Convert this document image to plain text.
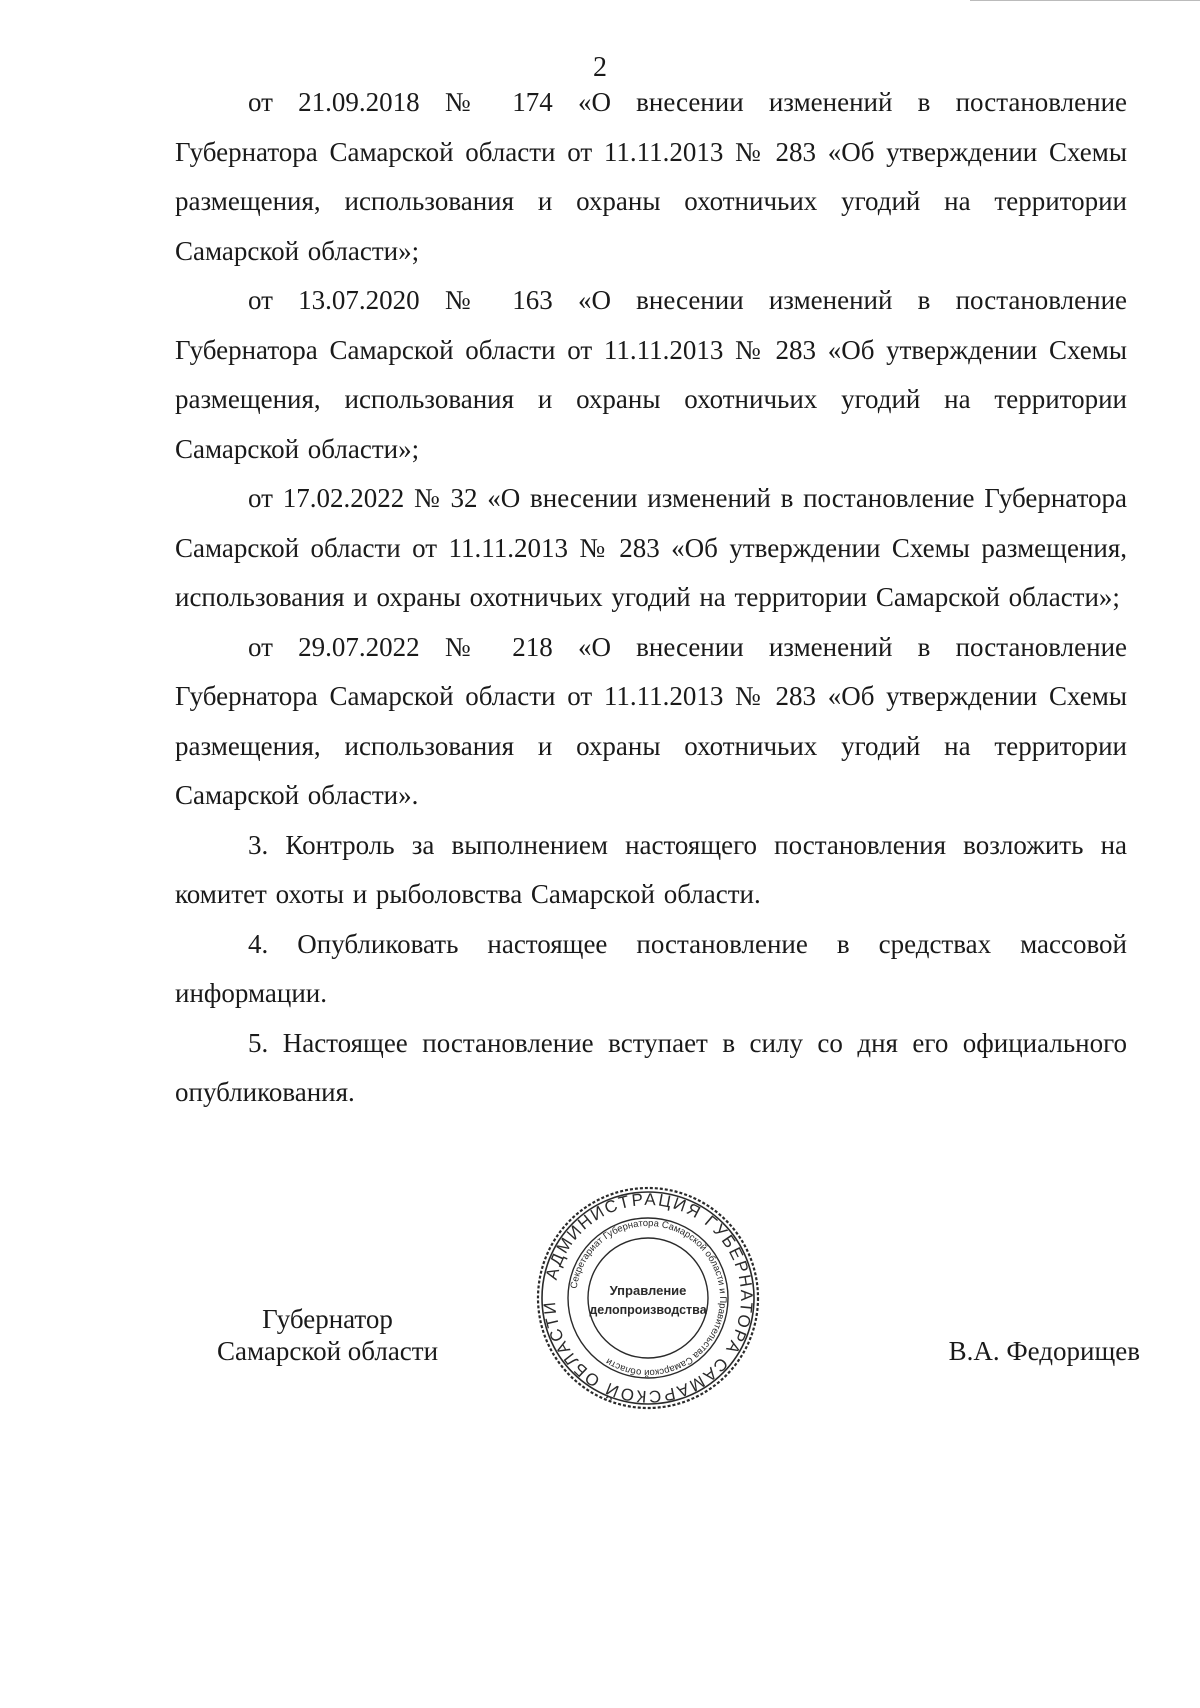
2

от 21.09.2018 № 174 «О внесении изменений в постановление Губернатора Самарской области от 11.11.2013 № 283 «Об утверждении Схемы размещения, использования и охраны охотничьих угодий на территории Самарской области»;

от 13.07.2020 № 163 «О внесении изменений в постановление Губернатора Самарской области от 11.11.2013 № 283 «Об утверждении Схемы размещения, использования и охраны охотничьих угодий на территории Самарской области»;

от 17.02.2022 № 32 «О внесении изменений в постановление Губернатора Самарской области от 11.11.2013 № 283 «Об утверждении Схемы размещения, использования и охраны охотничьих угодий на территории Самарской области»;

от 29.07.2022 № 218 «О внесении изменений в постановление Губернатора Самарской области от 11.11.2013 № 283 «Об утверждении Схемы размещения, использования и охраны охотничьих угодий на территории Самарской области».

3. Контроль за выполнением настоящего постановления возложить на комитет охоты и рыболовства Самарской области.

4. Опубликовать настоящее постановление в средствах массовой информации.

5. Настоящее постановление вступает в силу со дня его официального опубликования.

Губернатор
Самарской области
АДМИНИСТРАЦИЯ ГУБЕРНАТОРА САМАРСКОЙ ОБЛАСТИ
Секретариат Губернатора Самарской области и Правительства Самарской области
Управление
делопроизводства
В.А. Федорищев
